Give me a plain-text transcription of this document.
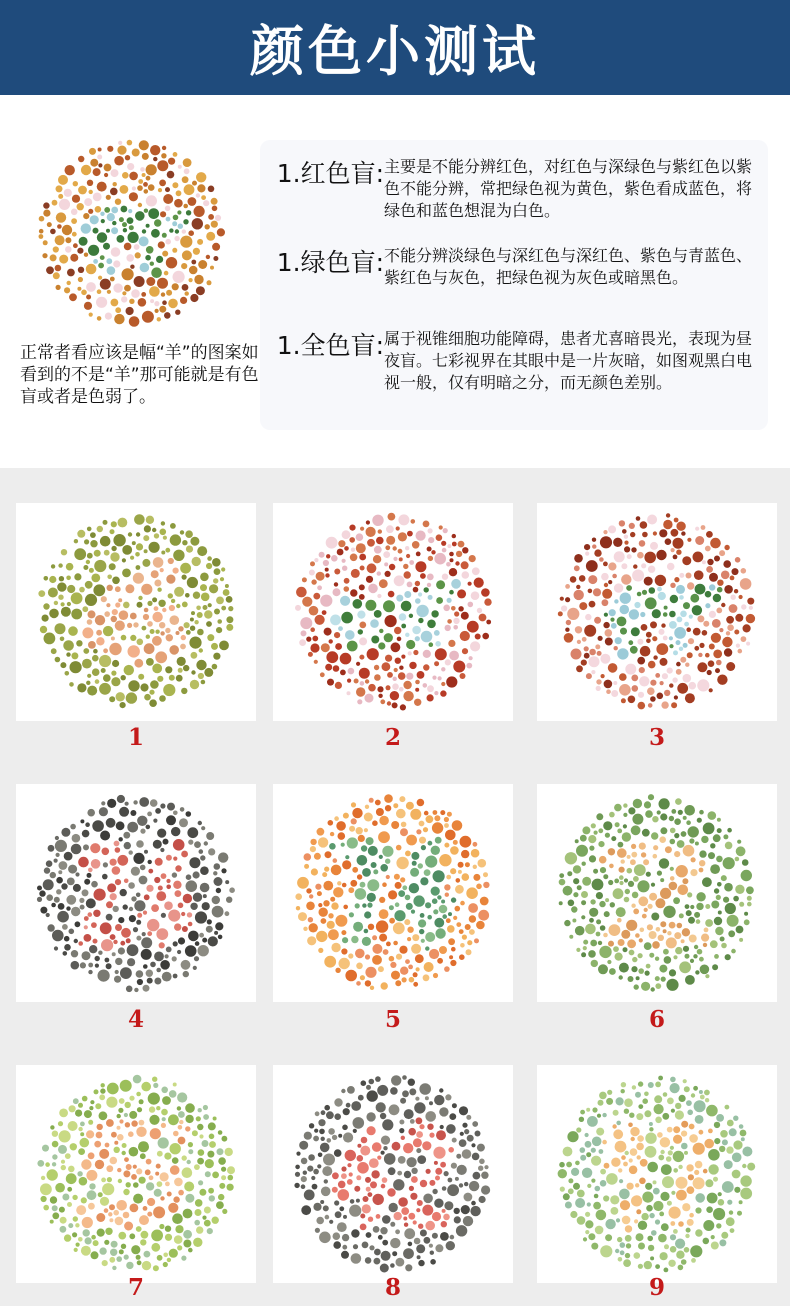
颜色小测试
正常者看应该是幅“羊”的图案如看到的不是“羊”那可能就是有色盲或者是色弱了。
1.红色盲: 主要是不能分辨红色，对红色与深绿色与紫红色以紫色不能分辨，常把绿色视为黄色，紫色看成蓝色，将绿色和蓝色想混为白色。
1.绿色盲: 不能分辨淡绿色与深红色与深红色、紫色与青蓝色、紫红色与灰色，把绿色视为灰色或暗黑色。
1.全色盲: 属于视锥细胞功能障碍，患者尤喜暗畏光，表现为昼夜盲。七彩视界在其眼中是一片灰暗，如图观黑白电视一般，仅有明暗之分，而无颜色差别。
1	2	3
4	5	6
7	8	9
